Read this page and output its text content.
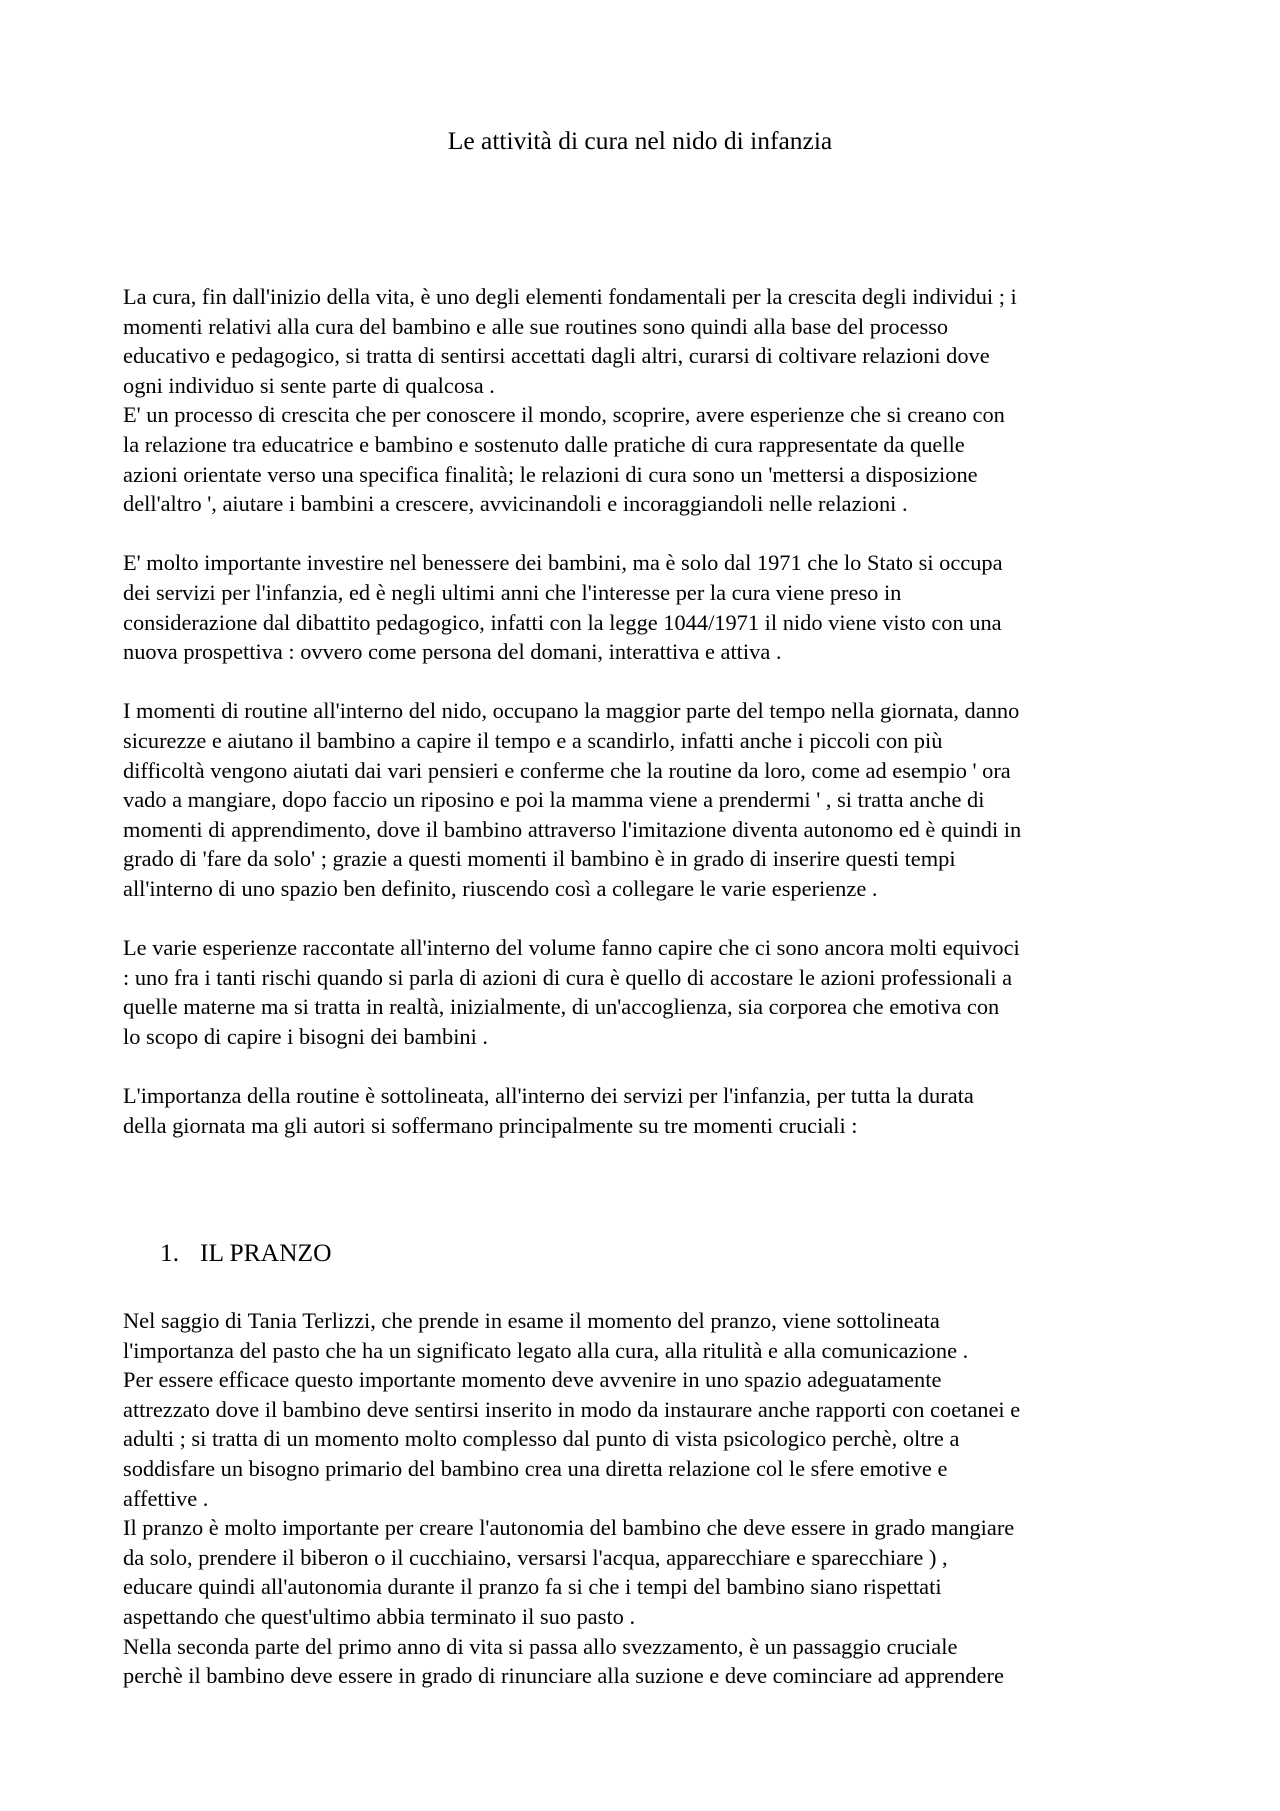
Le attività di cura nel nido di infanzia

La cura, fin dall'inizio della vita, è uno degli elementi fondamentali per la crescita degli individui ; i
momenti relativi alla cura del bambino e alle sue routines sono quindi alla base del processo
educativo e pedagogico, si tratta di sentirsi accettati dagli altri, curarsi di coltivare relazioni dove
ogni individuo si sente parte di qualcosa .
E' un processo di crescita che per conoscere il mondo, scoprire, avere esperienze che si creano con
la relazione tra educatrice e bambino e sostenuto dalle pratiche di cura rappresentate da quelle
azioni orientate verso una specifica finalità; le relazioni di cura sono un 'mettersi a disposizione
dell'altro ', aiutare i bambini a crescere, avvicinandoli e incoraggiandoli nelle relazioni .

E' molto importante investire nel benessere dei bambini, ma è solo dal 1971 che lo Stato si occupa
dei servizi per l'infanzia, ed è negli ultimi anni che l'interesse per la cura viene preso in
considerazione dal dibattito pedagogico, infatti con la legge 1044/1971 il nido viene visto con una
nuova prospettiva : ovvero come persona del domani, interattiva e attiva .

I momenti di routine all'interno del nido, occupano la maggior parte del tempo nella giornata, danno
sicurezze e aiutano il bambino a capire il tempo e a scandirlo, infatti anche i piccoli con più
difficoltà vengono aiutati dai vari pensieri e conferme che la routine da loro, come ad esempio ' ora
vado a mangiare, dopo faccio un riposino e poi la mamma viene a prendermi ' , si tratta anche di
momenti di apprendimento, dove il bambino attraverso l'imitazione diventa autonomo ed è quindi in
grado di 'fare da solo' ; grazie a questi momenti il bambino è in grado di inserire questi tempi
all'interno di uno spazio ben definito, riuscendo così a collegare le varie esperienze .

Le varie esperienze raccontate all'interno del volume fanno capire che ci sono ancora molti equivoci
: uno fra i tanti rischi quando si parla di azioni di cura è quello di accostare le azioni professionali a
quelle materne ma si tratta in realtà, inizialmente, di un'accoglienza, sia corporea che emotiva con
lo scopo di capire i bisogni dei bambini .

L'importanza della routine è sottolineata, all'interno dei servizi per l'infanzia, per tutta la durata
della giornata ma gli autori si soffermano principalmente su tre momenti cruciali :

1. IL PRANZO

Nel saggio di Tania Terlizzi, che prende in esame il momento del pranzo, viene sottolineata
l'importanza del pasto che ha un significato legato alla cura, alla ritulità e alla comunicazione .
Per essere efficace questo importante momento deve avvenire in uno spazio adeguatamente
attrezzato dove il bambino deve sentirsi inserito in modo da instaurare anche rapporti con coetanei e
adulti ; si tratta di un momento molto complesso dal punto di vista psicologico perchè, oltre a
soddisfare un bisogno primario del bambino crea una diretta relazione col le sfere emotive e
affettive .
Il pranzo è molto importante per creare l'autonomia del bambino che deve essere in grado mangiare
da solo, prendere il biberon o il cucchiaino, versarsi l'acqua, apparecchiare e sparecchiare ) ,
educare quindi all'autonomia durante il pranzo fa si che i tempi del bambino siano rispettati
aspettando che quest'ultimo abbia terminato il suo pasto .
Nella seconda parte del primo anno di vita si passa allo svezzamento, è un passaggio cruciale
perchè il bambino deve essere in grado di rinunciare alla suzione e deve cominciare ad apprendere
